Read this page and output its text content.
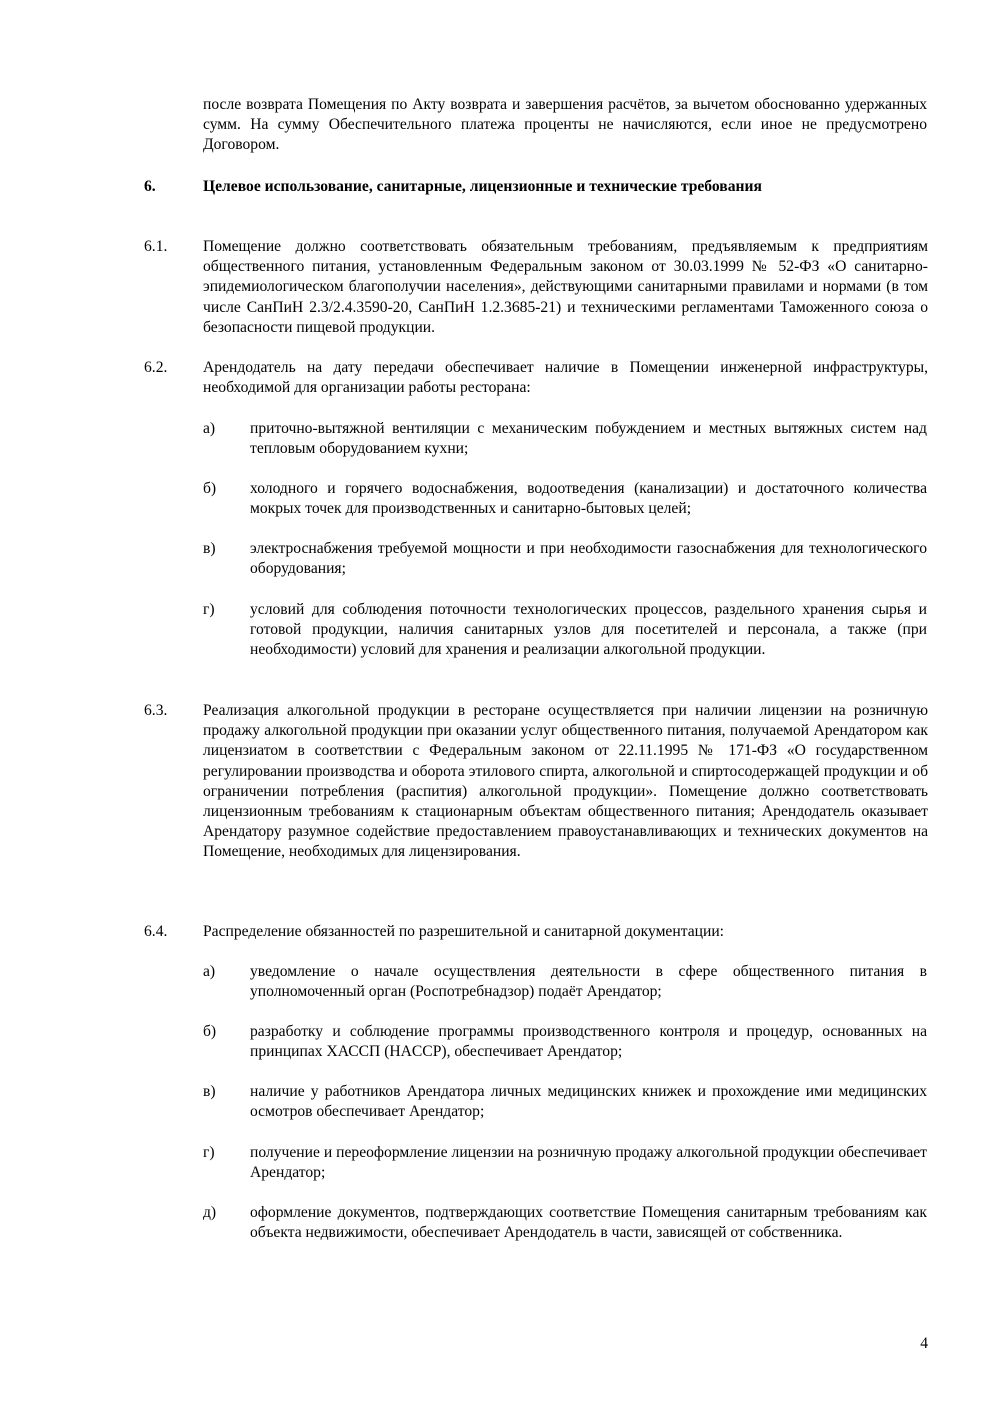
после возврата Помещения по Акту возврата и завершения расчётов, за вычетом обоснованно удержанных сумм. На сумму Обеспечительного платежа проценты не начисляются, если иное не предусмотрено Договором.
6.	Целевое использование, санитарные, лицензионные и технические требования
6.1. Помещение должно соответствовать обязательным требованиям, предъявляемым к предприятиям общественного питания, установленным Федеральным законом от 30.03.1999 № 52-ФЗ «О санитарно-эпидемиологическом благополучии населения», действующими санитарными правилами и нормами (в том числе СанПиН 2.3/2.4.3590-20, СанПиН 1.2.3685-21) и техническими регламентами Таможенного союза о безопасности пищевой продукции.
6.2. Арендодатель на дату передачи обеспечивает наличие в Помещении инженерной инфраструктуры, необходимой для организации работы ресторана:
а) приточно-вытяжной вентиляции с механическим побуждением и местных вытяжных систем над тепловым оборудованием кухни;
б) холодного и горячего водоснабжения, водоотведения (канализации) и достаточного количества мокрых точек для производственных и санитарно-бытовых целей;
в) электроснабжения требуемой мощности и при необходимости газоснабжения для технологического оборудования;
г) условий для соблюдения поточности технологических процессов, раздельного хранения сырья и готовой продукции, наличия санитарных узлов для посетителей и персонала, а также (при необходимости) условий для хранения и реализации алкогольной продукции.
6.3. Реализация алкогольной продукции в ресторане осуществляется при наличии лицензии на розничную продажу алкогольной продукции при оказании услуг общественного питания, получаемой Арендатором как лицензиатом в соответствии с Федеральным законом от 22.11.1995 № 171-ФЗ «О государственном регулировании производства и оборота этилового спирта, алкогольной и спиртосодержащей продукции и об ограничении потребления (распития) алкогольной продукции». Помещение должно соответствовать лицензионным требованиям к стационарным объектам общественного питания; Арендодатель оказывает Арендатору разумное содействие предоставлением правоустанавливающих и технических документов на Помещение, необходимых для лицензирования.
6.4. Распределение обязанностей по разрешительной и санитарной документации:
а) уведомление о начале осуществления деятельности в сфере общественного питания в уполномоченный орган (Роспотребнадзор) подаёт Арендатор;
б) разработку и соблюдение программы производственного контроля и процедур, основанных на принципах ХАССП (HACCP), обеспечивает Арендатор;
в) наличие у работников Арендатора личных медицинских книжек и прохождение ими медицинских осмотров обеспечивает Арендатор;
г) получение и переоформление лицензии на розничную продажу алкогольной продукции обеспечивает Арендатор;
д) оформление документов, подтверждающих соответствие Помещения санитарным требованиям как объекта недвижимости, обеспечивает Арендодатель в части, зависящей от собственника.
4
